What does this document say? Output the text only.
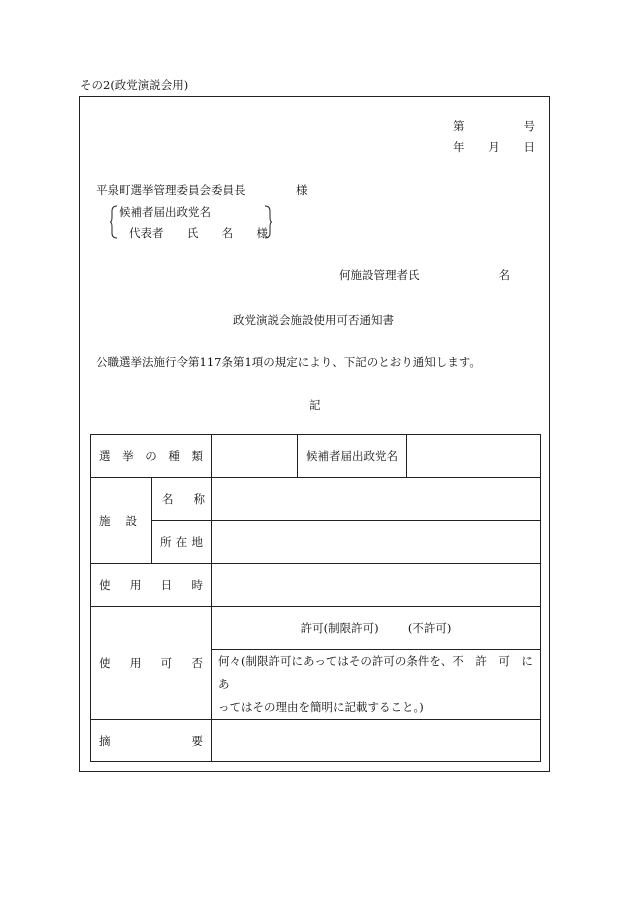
その2(政党演説会用)
第	号
年 月 日
平泉町選挙管理委員会委員長	様
候補者届出政党名
代表者 氏 名 様
何施設管理者 氏	名
政党演説会施設使用可否通知書
公職選挙法施行令第117条第1項の規定により、下記のとおり通知します。
記
選 挙 の 種 類			候補者届出政党名	

施 設	名 称			

	所 在 地			

使 用 日 時				

使 用 可 否		許可(制限許可) (不許可)		

		何々(制限許可にあってはその許可の条件を、不　許　可　にあ
ってはその理由を簡明に記載すること。)		

摘 要				
